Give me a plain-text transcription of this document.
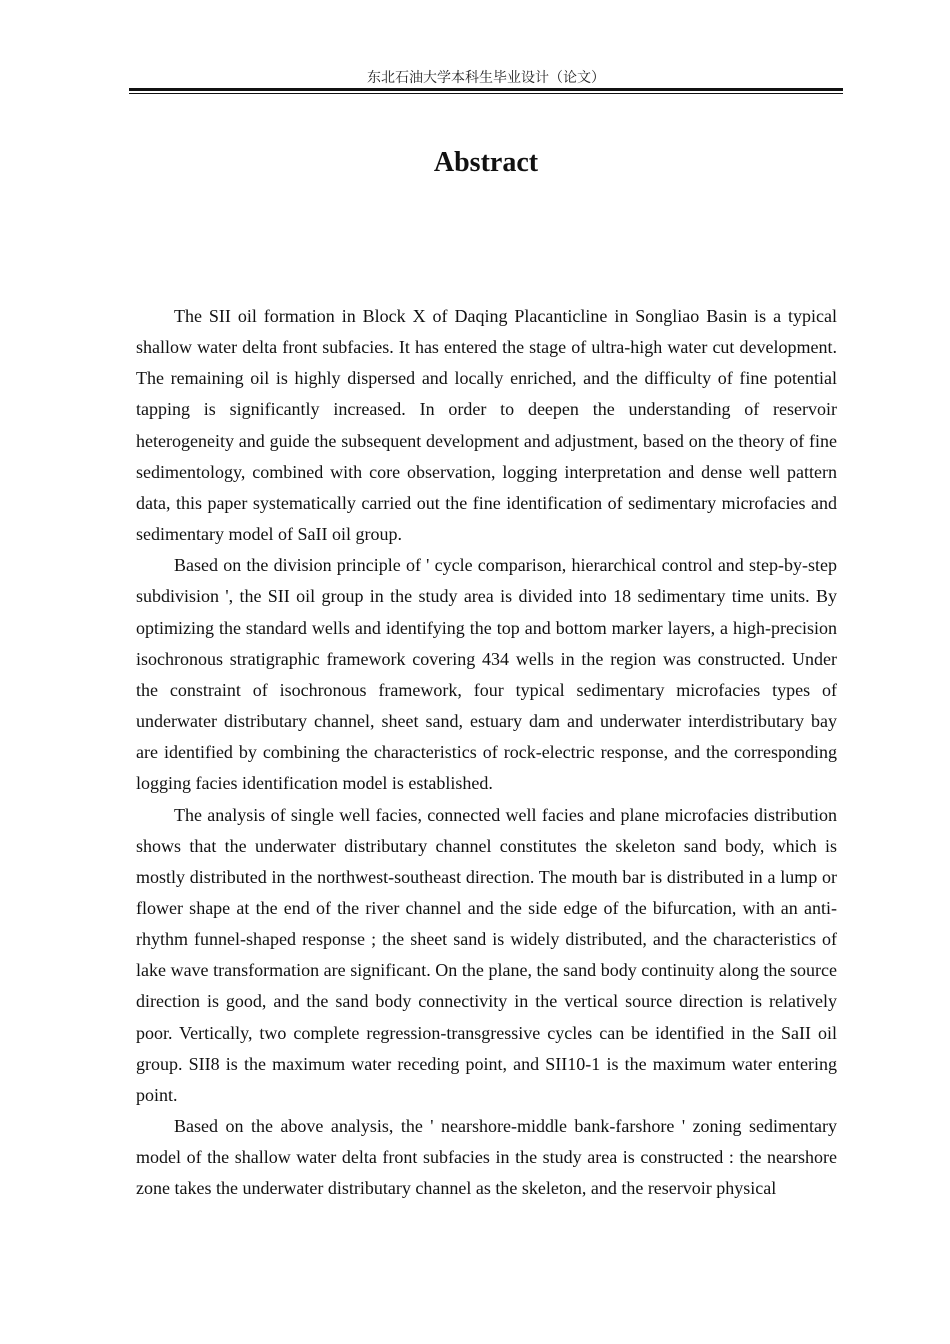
东北石油大学本科生毕业设计（论文）
Abstract

The SII oil formation in Block X of Daqing Placanticline in Songliao Basin is a typical shallow water delta front subfacies. It has entered the stage of ultra-high water cut development. The remaining oil is highly dispersed and locally enriched, and the difficulty of fine potential tapping is significantly increased. In order to deepen the understanding of reservoir heterogeneity and guide the subsequent development and adjustment, based on the theory of fine sedimentology, combined with core observation, logging interpretation and dense well pattern data, this paper systematically carried out the fine identification of sedimentary microfacies and sedimentary model of SaII oil group.

Based on the division principle of ' cycle comparison, hierarchical control and step-by-step subdivision ', the SII oil group in the study area is divided into 18 sedimentary time units. By optimizing the standard wells and identifying the top and bottom marker layers, a high-precision isochronous stratigraphic framework covering 434 wells in the region was constructed. Under the constraint of isochronous framework, four typical sedimentary microfacies types of underwater distributary channel, sheet sand, estuary dam and underwater interdistributary bay are identified by combining the characteristics of rock-electric response, and the corresponding logging facies identification model is established.

The analysis of single well facies, connected well facies and plane microfacies distribution shows that the underwater distributary channel constitutes the skeleton sand body, which is mostly distributed in the northwest-southeast direction. The mouth bar is distributed in a lump or flower shape at the end of the river channel and the side edge of the bifurcation, with an anti-rhythm funnel-shaped response ; the sheet sand is widely distributed, and the characteristics of lake wave transformation are significant. On the plane, the sand body continuity along the source direction is good, and the sand body connectivity in the vertical source direction is relatively poor. Vertically, two complete regression-transgressive cycles can be identified in the SaII oil group. SII8 is the maximum water receding point, and SII10-1 is the maximum water entering point.

Based on the above analysis, the ' nearshore-middle bank-farshore ' zoning sedimentary model of the shallow water delta front subfacies in the study area is constructed : the nearshore zone takes the underwater distributary channel as the skeleton, and the reservoir physical
